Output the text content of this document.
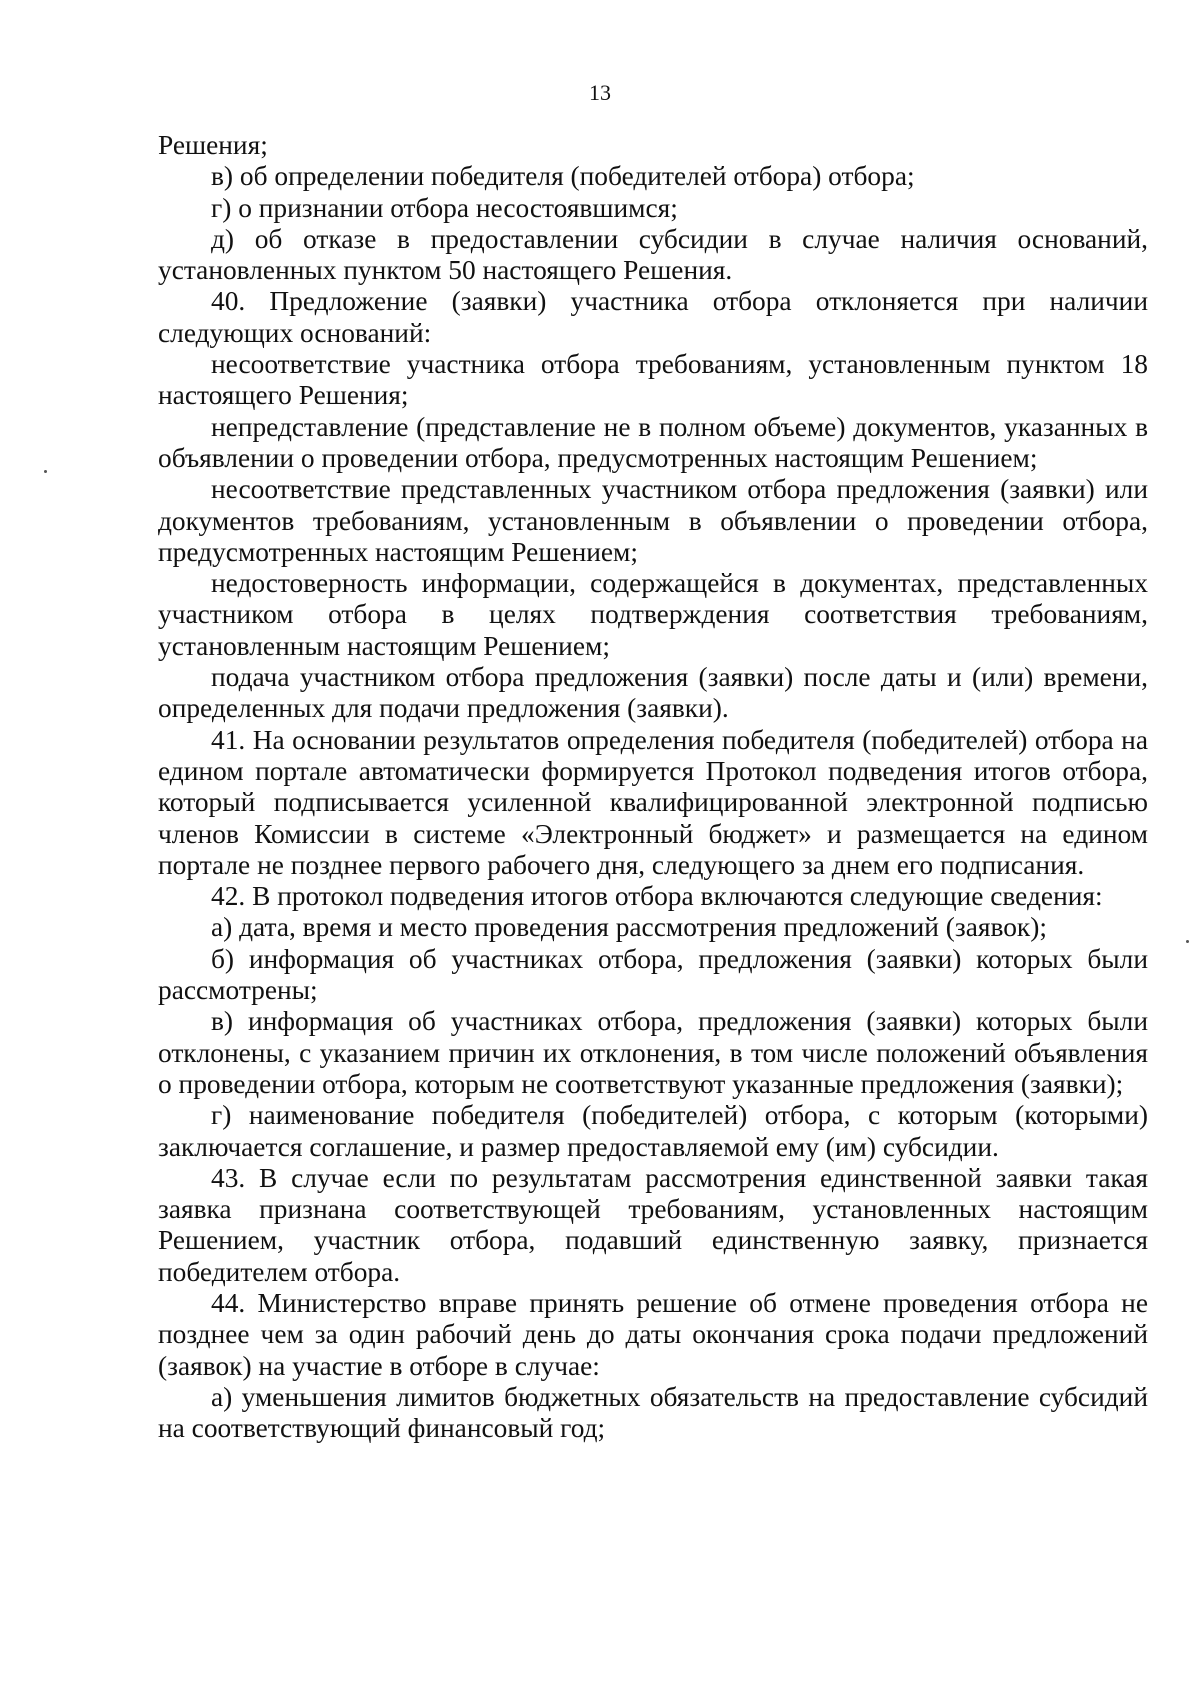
13

Решения;

в) об определении победителя (победителей отбора) отбора;

г) о признании отбора несостоявшимся;

д) об отказе в предоставлении субсидии в случае наличия оснований, установленных пунктом 50 настоящего Решения.

40. Предложение (заявки) участника отбора отклоняется при наличии следующих оснований:

несоответствие участника отбора требованиям, установленным пунктом 18 настоящего Решения;

непредставление (представление не в полном объеме) документов, указанных в объявлении о проведении отбора, предусмотренных настоящим Решением;

несоответствие представленных участником отбора предложения (заявки) или документов требованиям, установленным в объявлении о проведении отбора, предусмотренных настоящим Решением;

недостоверность информации, содержащейся в документах, представленных участником отбора в целях подтверждения соответствия требованиям, установленным настоящим Решением;

подача участником отбора предложения (заявки) после даты и (или) времени, определенных для подачи предложения (заявки).

41. На основании результатов определения победителя (победителей) отбора на едином портале автоматически формируется Протокол подведения итогов отбора, который подписывается усиленной квалифицированной электронной подписью членов Комиссии в системе «Электронный бюджет» и размещается на едином портале не позднее первого рабочего дня, следующего за днем его подписания.

42. В протокол подведения итогов отбора включаются следующие сведения:

а) дата, время и место проведения рассмотрения предложений (заявок);

б) информация об участниках отбора, предложения (заявки) которых были рассмотрены;

в) информация об участниках отбора, предложения (заявки) которых были отклонены, с указанием причин их отклонения, в том числе положений объявления о проведении отбора, которым не соответствуют указанные предложения (заявки);

г) наименование победителя (победителей) отбора, с которым (которыми) заключается соглашение, и размер предоставляемой ему (им) субсидии.

43. В случае если по результатам рассмотрения единственной заявки такая заявка признана соответствующей требованиям, установленных настоящим Решением, участник отбора, подавший единственную заявку, признается победителем отбора.

44. Министерство вправе принять решение об отмене проведения отбора не позднее чем за один рабочий день до даты окончания срока подачи предложений (заявок) на участие в отборе в случае:

а) уменьшения лимитов бюджетных обязательств на предоставление субсидий на соответствующий финансовый год;
